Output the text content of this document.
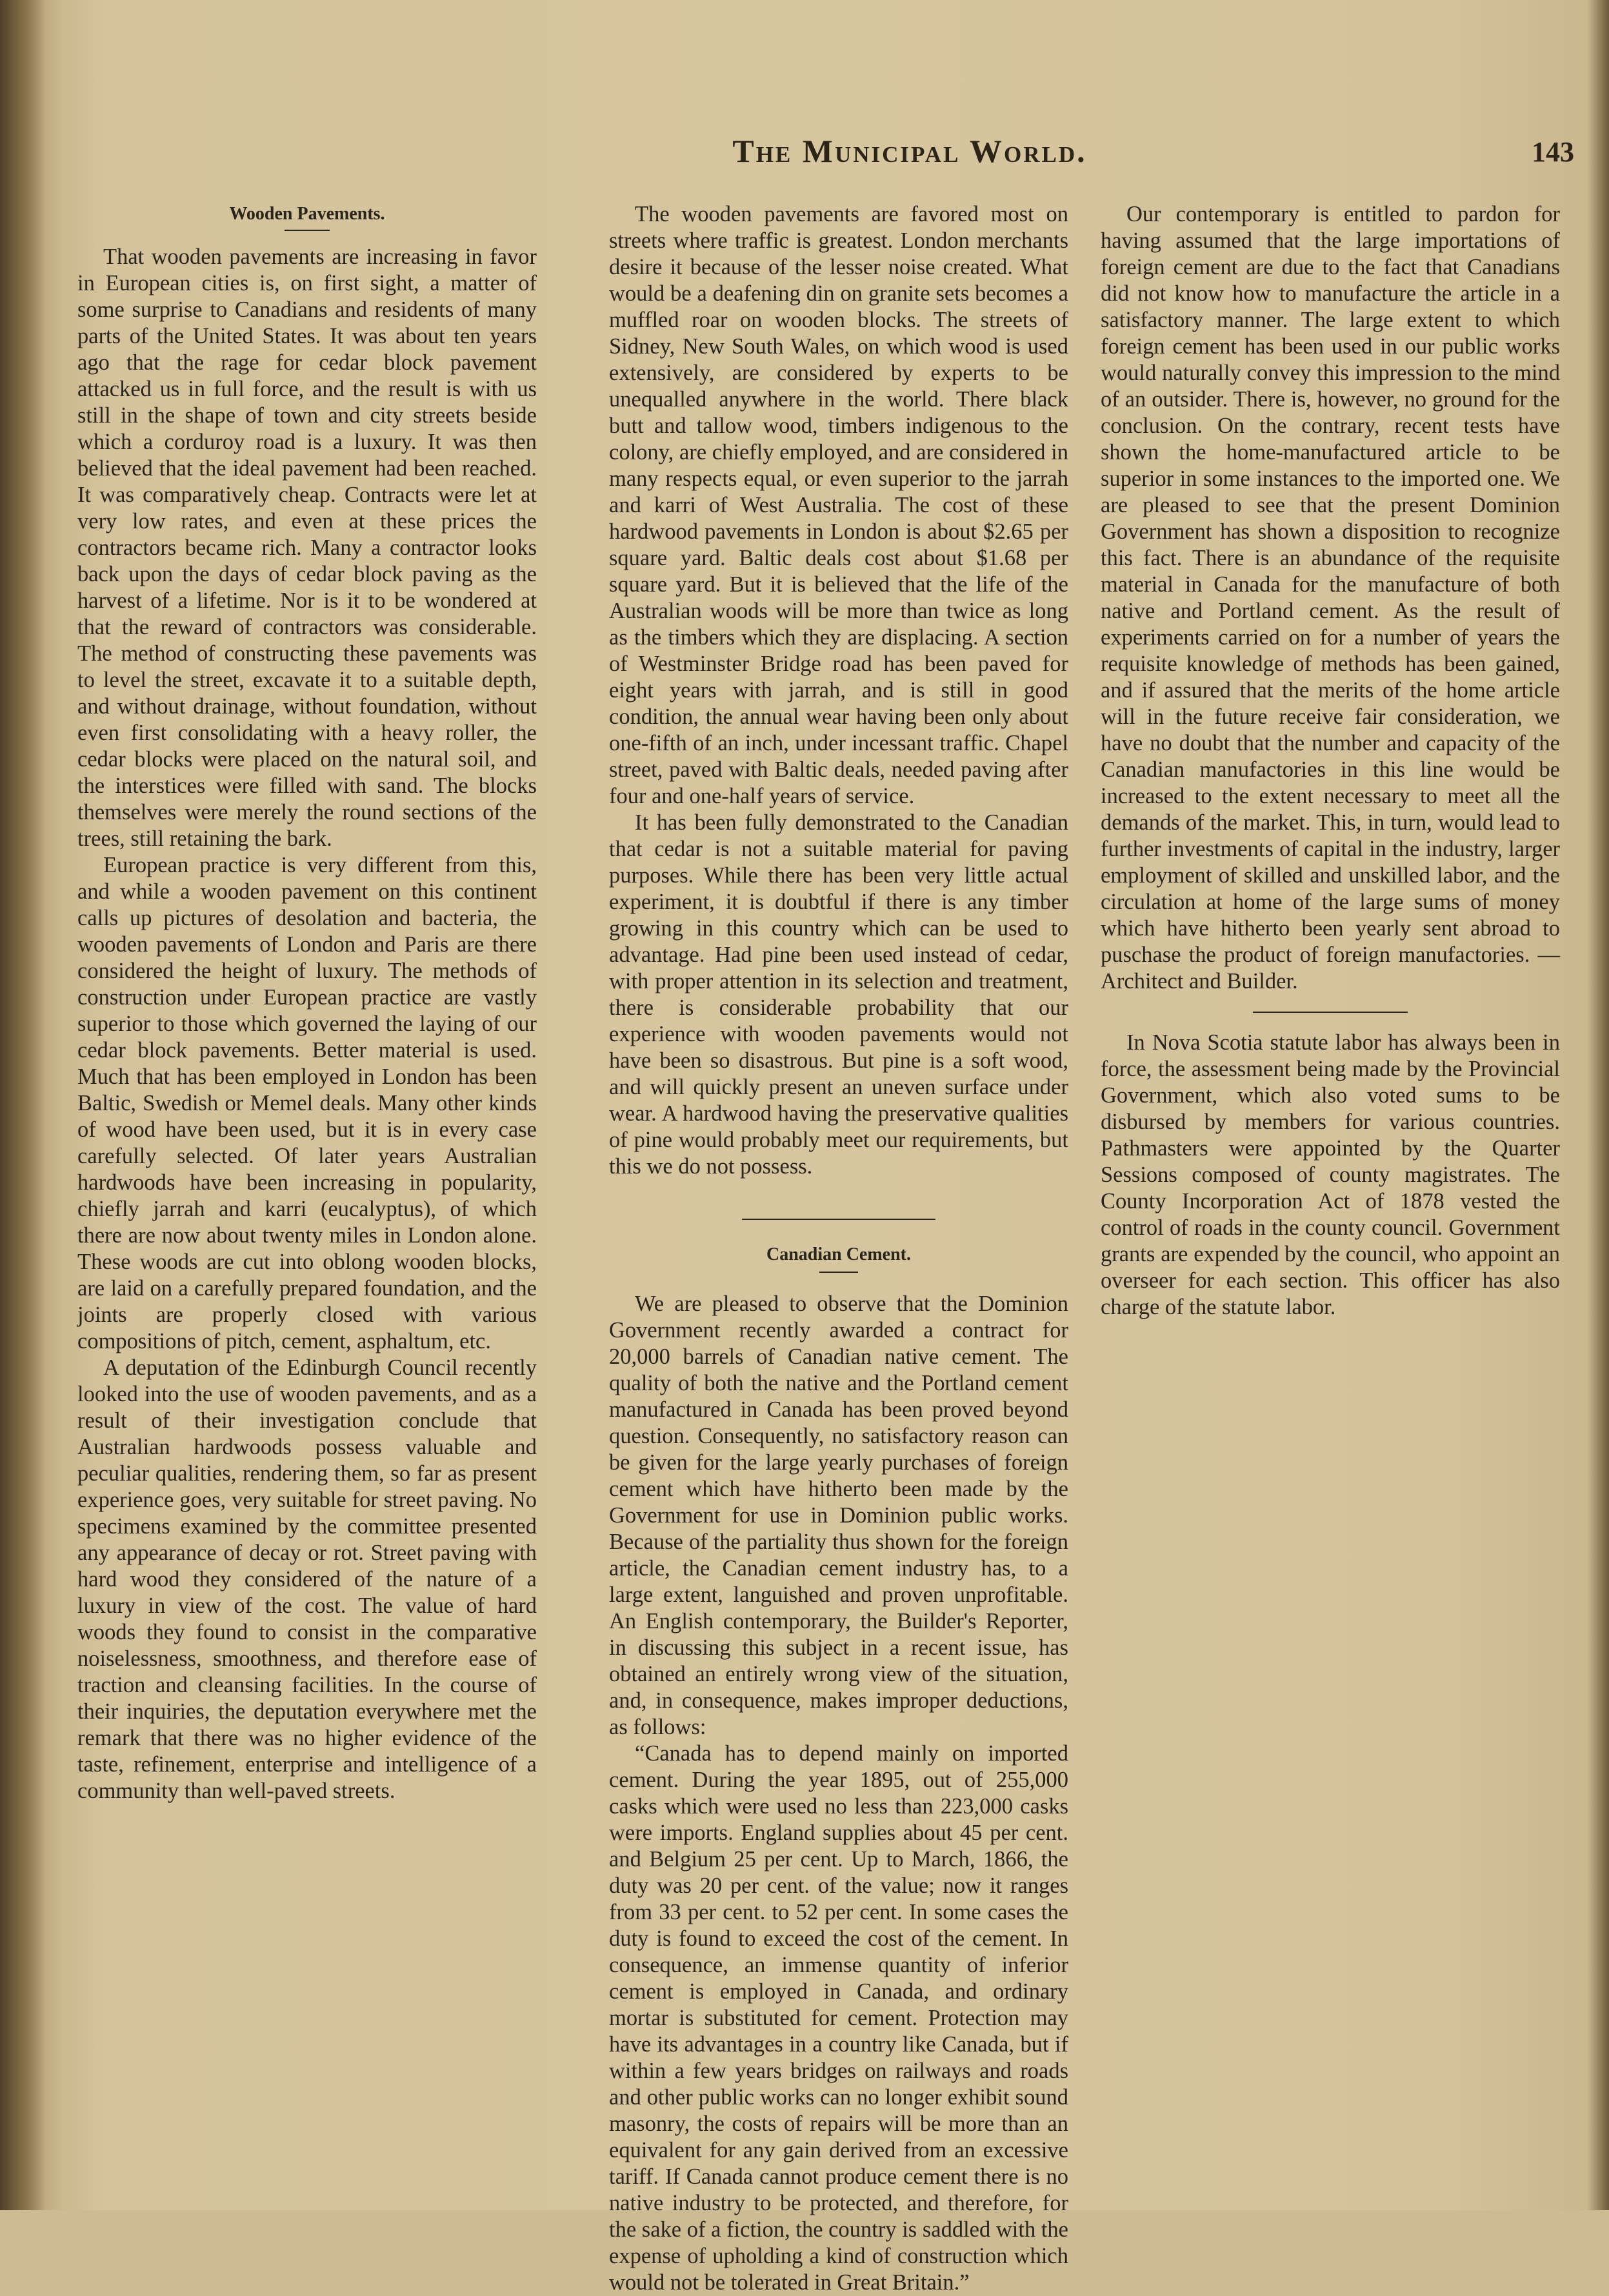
The Municipal World.	143
Wooden Pavements.

That wooden pavements are increasing in favor in European cities is, on first sight, a matter of some surprise to Canadians and residents of many parts of the United States. It was about ten years ago that the rage for cedar block pavement attacked us in full force, and the result is with us still in the shape of town and city streets beside which a corduroy road is a luxury. It was then believed that the ideal pavement had been reached. It was comparatively cheap. Contracts were let at very low rates, and even at these prices the contractors became rich. Many a contractor looks back upon the days of cedar block paving as the harvest of a lifetime. Nor is it to be wondered at that the reward of contractors was considerable. The method of constructing these pavements was to level the street, excavate it to a suitable depth, and without drainage, without foundation, without even first consolidating with a heavy roller, the cedar blocks were placed on the natural soil, and the interstices were filled with sand. The blocks themselves were merely the round sections of the trees, still retaining the bark.

European practice is very different from this, and while a wooden pavement on this continent calls up pictures of desolation and bacteria, the wooden pavements of London and Paris are there considered the height of luxury. The methods of construction under European practice are vastly superior to those which governed the laying of our cedar block pavements. Better material is used. Much that has been employed in London has been Baltic, Swedish or Memel deals. Many other kinds of wood have been used, but it is in every case carefully selected. Of later years Australian hardwoods have been increasing in popularity, chiefly jarrah and karri (eucalyptus), of which there are now about twenty miles in London alone. These woods are cut into oblong wooden blocks, are laid on a carefully prepared foundation, and the joints are properly closed with various compositions of pitch, cement, asphaltum, etc.

A deputation of the Edinburgh Council recently looked into the use of wooden pavements, and as a result of their investigation conclude that Australian hardwoods possess valuable and peculiar qualities, rendering them, so far as present experience goes, very suitable for street paving. No specimens examined by the committee presented any appearance of decay or rot. Street paving with hard wood they considered of the nature of a luxury in view of the cost. The value of hard woods they found to consist in the comparative noiselessness, smoothness, and therefore ease of traction and cleansing facilities. In the course of their inquiries, the deputation everywhere met the remark that there was no higher evidence of the taste, refinement, enterprise and intelligence of a community than well-paved streets.

The wooden pavements are favored most on streets where traffic is greatest. London merchants desire it because of the lesser noise created. What would be a deafening din on granite sets becomes a muffled roar on wooden blocks. The streets of Sidney, New South Wales, on which wood is used extensively, are considered by experts to be unequalled anywhere in the world. There black butt and tallow wood, timbers indigenous to the colony, are chiefly employed, and are considered in many respects equal, or even superior to the jarrah and karri of West Australia. The cost of these hardwood pavements in London is about $2.65 per square yard. Baltic deals cost about $1.68 per square yard. But it is believed that the life of the Australian woods will be more than twice as long as the timbers which they are displacing. A section of Westminster Bridge road has been paved for eight years with jarrah, and is still in good condition, the annual wear having been only about one-fifth of an inch, under incessant traffic. Chapel street, paved with Baltic deals, needed paving after four and one-half years of service.

It has been fully demonstrated to the Canadian that cedar is not a suitable material for paving purposes. While there has been very little actual experiment, it is doubtful if there is any timber growing in this country which can be used to advantage. Had pine been used instead of cedar, with proper attention in its selection and treatment, there is considerable probability that our experience with wooden pavements would not have been so disastrous. But pine is a soft wood, and will quickly present an uneven surface under wear. A hardwood having the preservative qualities of pine would probably meet our requirements, but this we do not possess.

Canadian Cement.

We are pleased to observe that the Dominion Government recently awarded a contract for 20,000 barrels of Canadian native cement. The quality of both the native and the Portland cement manufactured in Canada has been proved beyond question. Consequently, no satisfactory reason can be given for the large yearly purchases of foreign cement which have hitherto been made by the Government for use in Dominion public works. Because of the partiality thus shown for the foreign article, the Canadian cement industry has, to a large extent, languished and proven unprofitable. An English contemporary, the Builder's Reporter, in discussing this subject in a recent issue, has obtained an entirely wrong view of the situation, and, in consequence, makes improper deductions, as follows:

“Canada has to depend mainly on imported cement. During the year 1895, out of 255,000 casks which were used no less than 223,000 casks were imports. England supplies about 45 per cent. and Belgium 25 per cent. Up to March, 1866, the duty was 20 per cent. of the value; now it ranges from 33 per cent. to 52 per cent. In some cases the duty is found to exceed the cost of the cement. In consequence, an immense quantity of inferior cement is employed in Canada, and ordinary mortar is substituted for cement. Protection may have its advantages in a country like Canada, but if within a few years bridges on railways and roads and other public works can no longer exhibit sound masonry, the costs of repairs will be more than an equivalent for any gain derived from an excessive tariff. If Canada cannot produce cement there is no native industry to be protected, and therefore, for the sake of a fiction, the country is saddled with the expense of upholding a kind of construction which would not be tolerated in Great Britain.”

Our contemporary is entitled to pardon for having assumed that the large importations of foreign cement are due to the fact that Canadians did not know how to manufacture the article in a satisfactory manner. The large extent to which foreign cement has been used in our public works would naturally convey this impression to the mind of an outsider. There is, however, no ground for the conclusion. On the contrary, recent tests have shown the home-manufactured article to be superior in some instances to the imported one. We are pleased to see that the present Dominion Government has shown a disposition to recognize this fact. There is an abundance of the requisite material in Canada for the manufacture of both native and Portland cement. As the result of experiments carried on for a number of years the requisite knowledge of methods has been gained, and if assured that the merits of the home article will in the future receive fair consideration, we have no doubt that the number and capacity of the Canadian manufactories in this line would be increased to the extent necessary to meet all the demands of the market. This, in turn, would lead to further investments of capital in the industry, larger employment of skilled and unskilled labor, and the circulation at home of the large sums of money which have hitherto been yearly sent abroad to puschase the product of foreign manufactories. — Architect and Builder.

In Nova Scotia statute labor has always been in force, the assessment being made by the Provincial Government, which also voted sums to be disbursed by members for various countries. Pathmasters were appointed by the Quarter Sessions composed of county magistrates. The County Incorporation Act of 1878 vested the control of roads in the county council. Government grants are expended by the council, who appoint an overseer for each section. This officer has also charge of the statute labor.
